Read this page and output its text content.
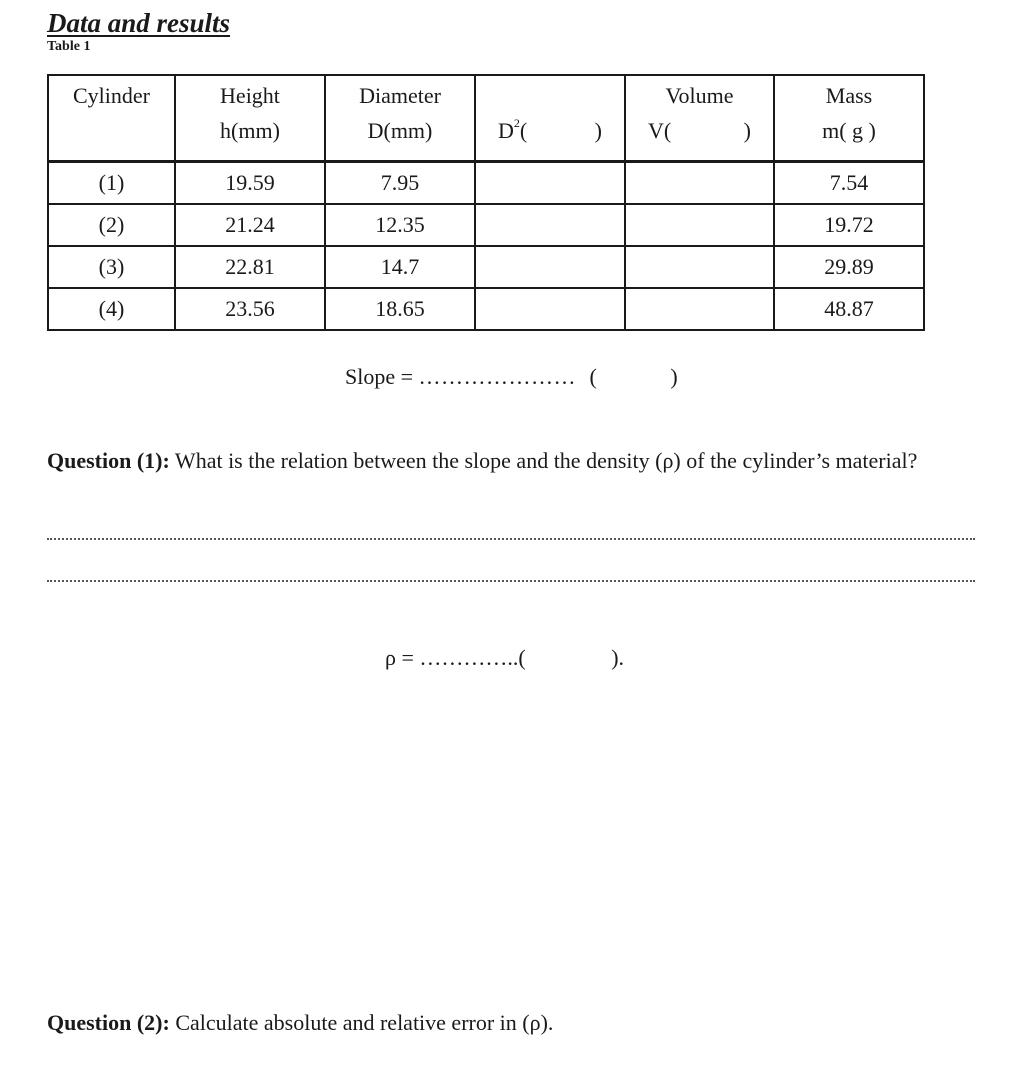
Data and results
Table 1
Cylinder	Height	Diameter		Volume	Mass
	h(mm)	D(mm)	$D^2$( )	V( )	m( g )
(1)	19.59	7.95			7.54
(2)	21.24	12.35			19.72
(3)	22.81	14.7			29.89
(4)	23.56	18.65			48.87
Slope = ………………… (	)
Question (1): What is the relation between the slope and the density (ρ) of the cylinder’s material?
ρ = …………..(	).
Question (2): Calculate absolute and relative error in (ρ).
